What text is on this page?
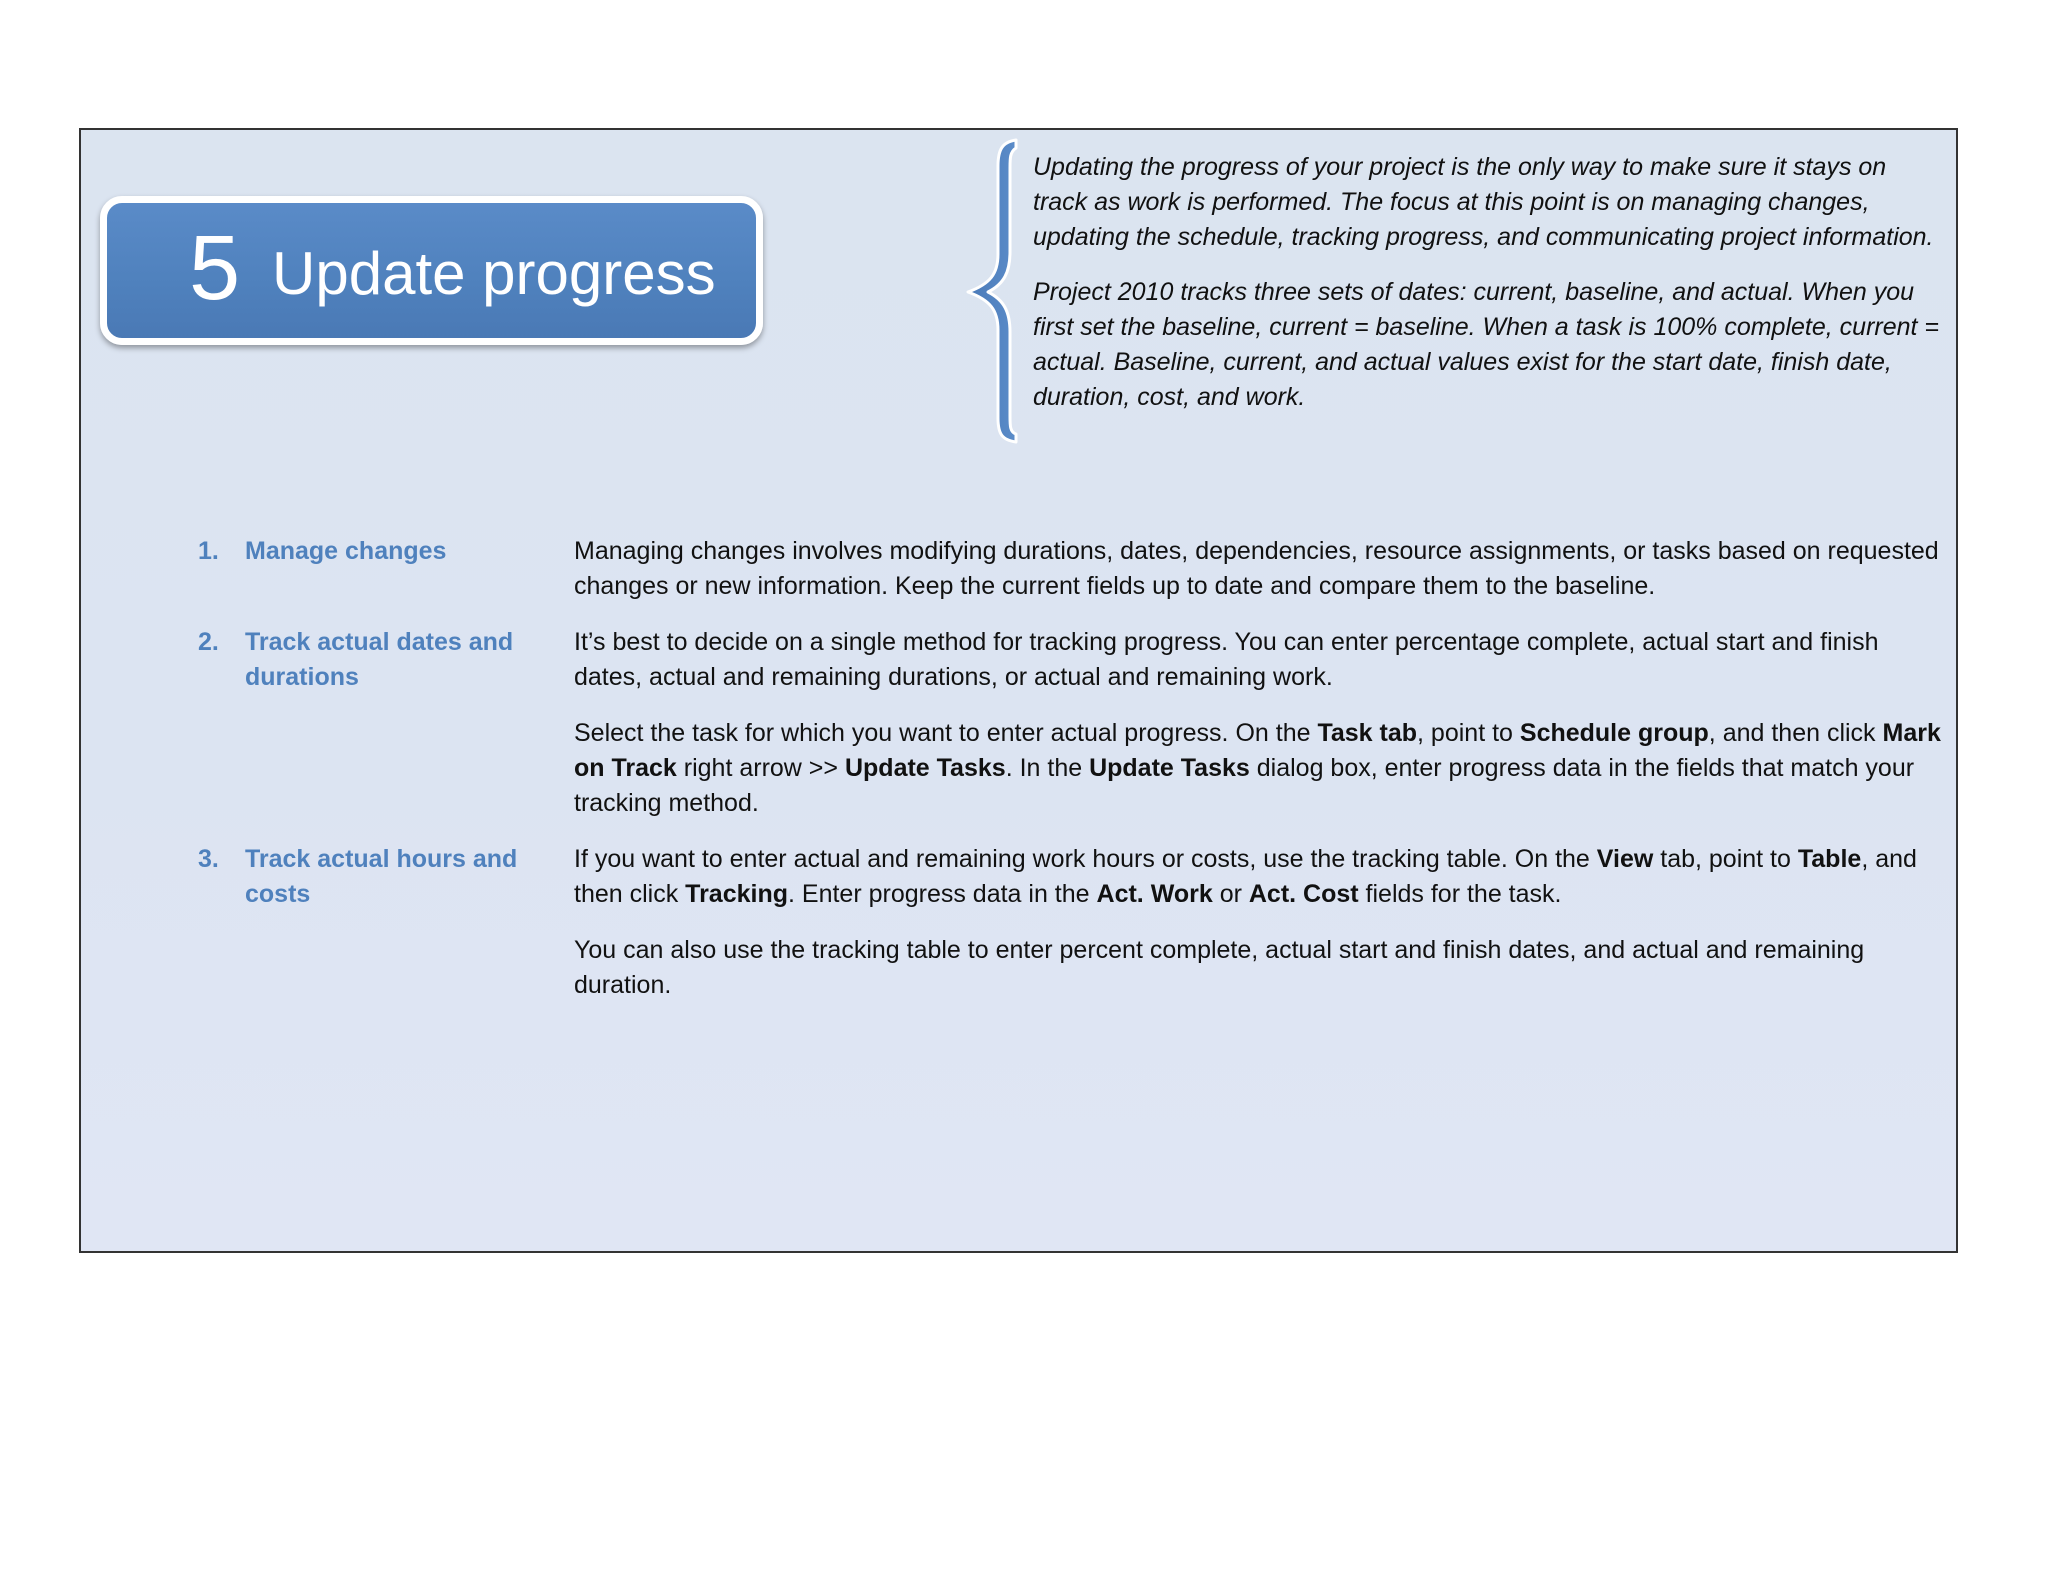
5 Update progress

Updating the progress of your project is the only way to make sure it stays on track as work is performed. The focus at this point is on managing changes, updating the schedule, tracking progress, and communicating project information.

Project 2010 tracks three sets of dates: current, baseline, and actual. When you first set the baseline, current = baseline. When a task is 100% complete, current = actual. Baseline, current, and actual values exist for the start date, finish date, duration, cost, and work.

1.	Manage changes	Managing changes involves modifying durations, dates, dependencies, resource assignments, or tasks based on requested changes or new information. Keep the current fields up to date and compare them to the baseline.

2.	Track actual dates and durations

It’s best to decide on a single method for tracking progress. You can enter percentage complete, actual start and finish dates, actual and remaining durations, or actual and remaining work.

Select the task for which you want to enter actual progress. On the Task tab, point to Schedule group, and then click Mark on Track right arrow >> Update Tasks. In the Update Tasks dialog box, enter progress data in the fields that match your tracking method.

3.	Track actual hours and costs

If you want to enter actual and remaining work hours or costs, use the tracking table. On the View tab, point to Table, and then click Tracking. Enter progress data in the Act. Work or Act. Cost fields for the task.

You can also use the tracking table to enter percent complete, actual start and finish dates, and actual and remaining duration.
